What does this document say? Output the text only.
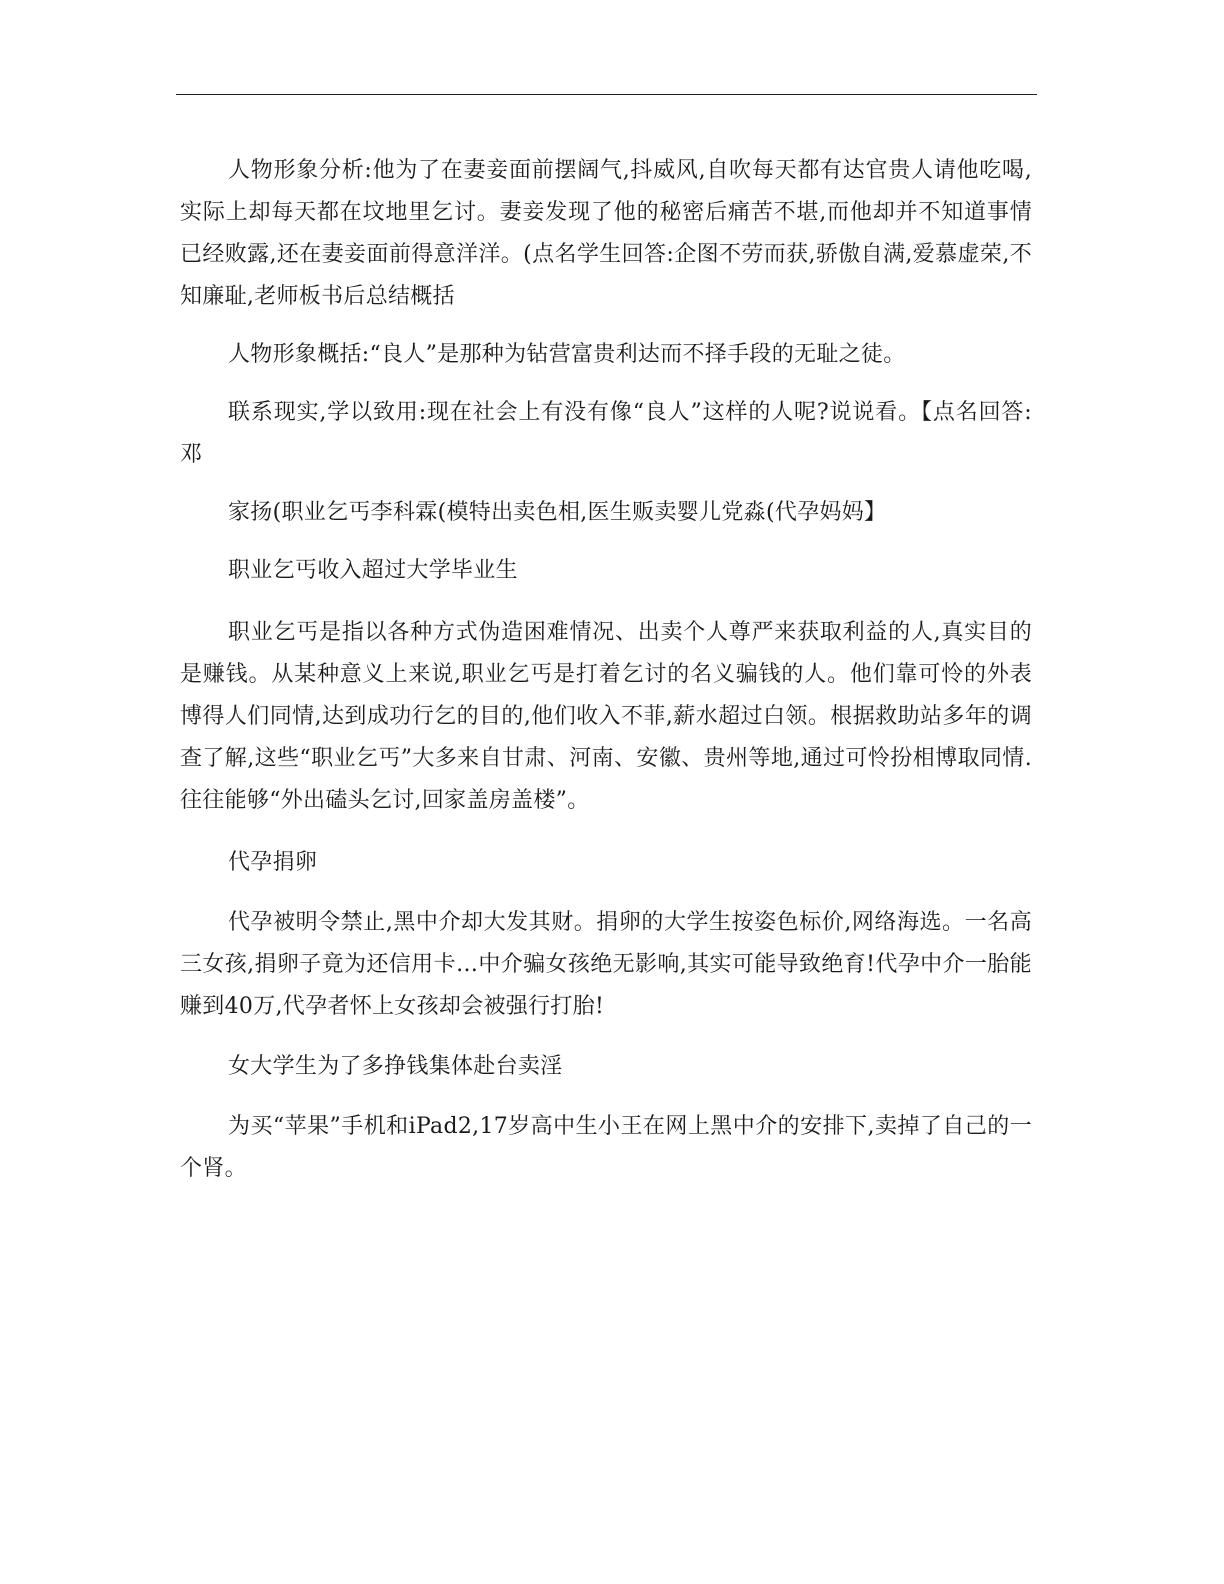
人物形象分析:他为了在妻妾面前摆阔气,抖威风,自吹每天都有达官贵人请他吃喝,实际上却每天都在坟地里乞讨。妻妾发现了他的秘密后痛苦不堪,而他却并不知道事情已经败露,还在妻妾面前得意洋洋。(点名学生回答:企图不劳而获,骄傲自满,爱慕虚荣,不知廉耻,老师板书后总结概括

人物形象概括:“良人”是那种为钻营富贵利达而不择手段的无耻之徒。

联系现实,学以致用:现在社会上有没有像“良人”这样的人呢?说说看。【点名回答:邓

家扬(职业乞丐李科霖(模特出卖色相,医生贩卖婴儿党淼(代孕妈妈】

职业乞丐收入超过大学毕业生

职业乞丐是指以各种方式伪造困难情况、出卖个人尊严来获取利益的人,真实目的是赚钱。从某种意义上来说,职业乞丐是打着乞讨的名义骗钱的人。他们靠可怜的外表博得人们同情,达到成功行乞的目的,他们收入不菲,薪水超过白领。根据救助站多年的调查了解,这些“职业乞丐”大多来自甘肃、河南、安徽、贵州等地,通过可怜扮相博取同情.往往能够“外出磕头乞讨,回家盖房盖楼”。

代孕捐卵

代孕被明令禁止,黑中介却大发其财。捐卵的大学生按姿色标价,网络海选。一名高三女孩,捐卵子竟为还信用卡…中介骗女孩绝无影响,其实可能导致绝育!代孕中介一胎能赚到40万,代孕者怀上女孩却会被强行打胎!

女大学生为了多挣钱集体赴台卖淫

为买“苹果”手机和iPad2,17岁高中生小王在网上黑中介的安排下,卖掉了自己的一个肾。
